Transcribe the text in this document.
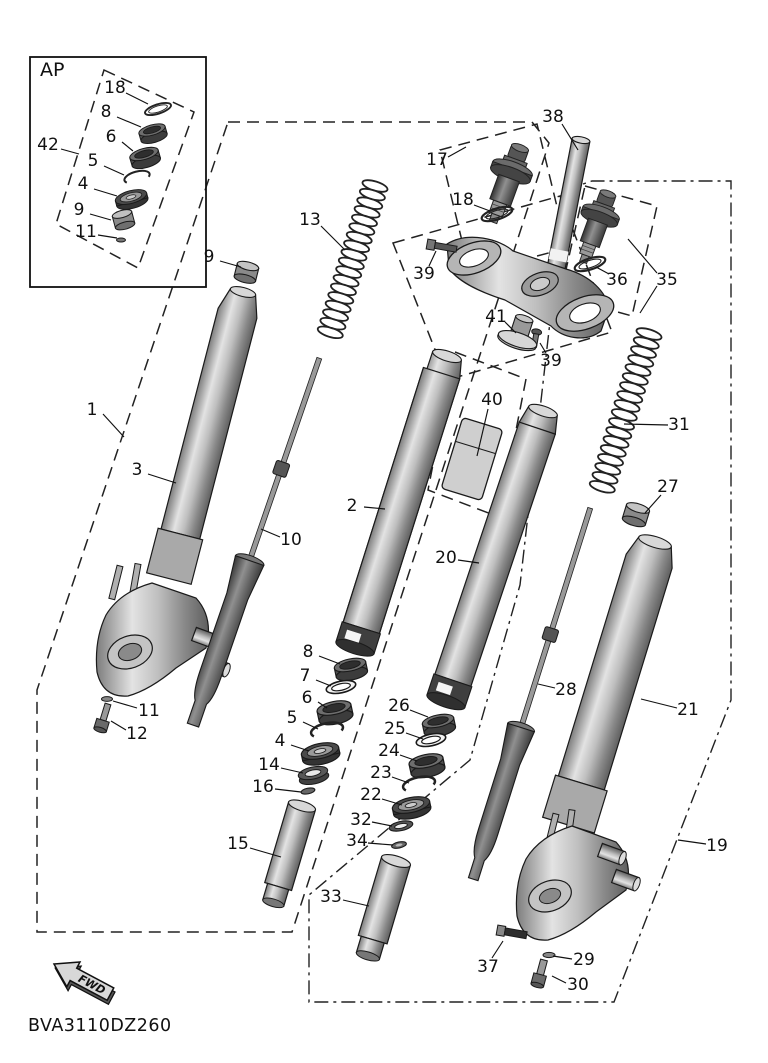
FWD
AP
BVA3110DZ260
18
8
6
42
5
4
9
11
13
9
17
18
38
39	36 35
41
39
1
3
40
2
31
10
20
27
8
7
6
5
4
14
16
26
25
24
23
22
32
34
11
12
28
21
15
33
19
37	29
30
